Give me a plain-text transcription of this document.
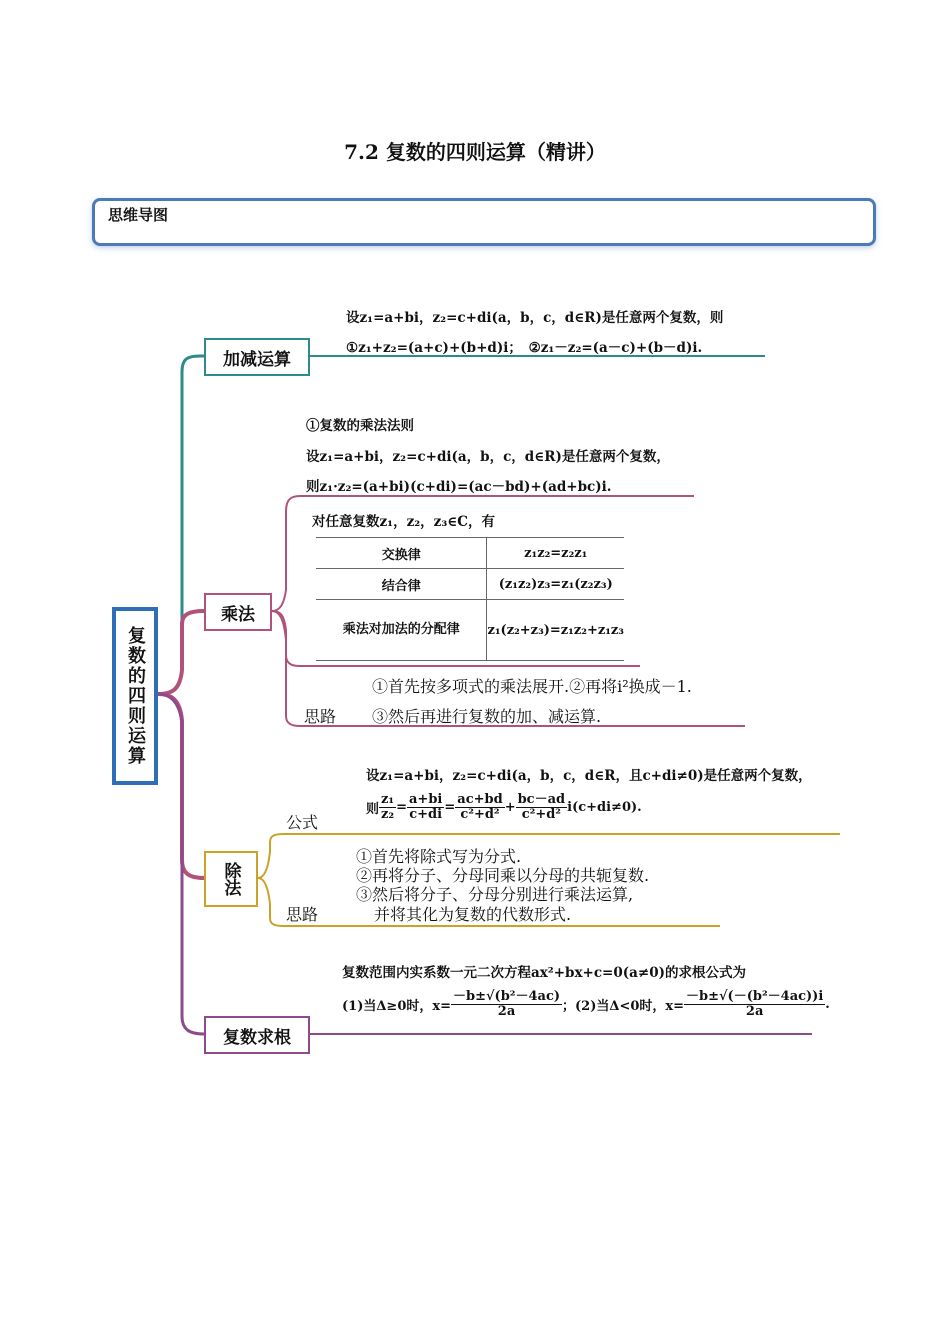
7.2 复数的四则运算（精讲）
思维导图
复数的四则运算
加减运算
乘法
除法
复数求根
设z₁=a+bi，z₂=c+di(a，b，c，d∈R)是任意两个复数，则
①z₁+z₂=(a+c)+(b+d)i；　②z₁－z₂=(a－c)+(b－d)i.
①复数的乘法法则
设z₁=a+bi，z₂=c+di(a，b，c，d∈R)是任意两个复数，
则z₁·z₂=(a+bi)(c+di)=(ac－bd)+(ad+bc)i.
对任意复数z₁，z₂，z₃∈C，有
交换律	z₁z₂=z₂z₁
结合律	(z₁z₂)z₃=z₁(z₂z₃)
乘法对加法的分配律	z₁(z₂+z₃)=z₁z₂+z₁z₃
思路
①首先按多项式的乘法展开.②再将i²换成－1.
③然后再进行复数的加、减运算.
设z₁=a+bi，z₂=c+di(a，b，c，d∈R，且c+di≠0)是任意两个复数，
公式
则 $\frac{\text{z₁}}{\text{z₂}} = \frac{a+bi}{c+di} = \frac{ac+bd}{\text{c²+d²}} + \frac{bc-ad}{\text{c²+d²}} i(c+di\ne 0)$.
思路
①首先将除式写为分式.
②再将分子、分母同乘以分母的共轭复数.
③然后将分子、分母分别进行乘法运算,
并将其化为复数的代数形式.
复数范围内实系数一元二次方程ax²+bx+c=0(a≠0)的求根公式为
(1)当Δ≥0时，$x= \frac{\text{－b±√(b²－4ac)}}{2a}$ ；(2)当Δ<0时，$x= \frac{\text{－b±√(－(b²－4ac))i}}{2a}$ .
